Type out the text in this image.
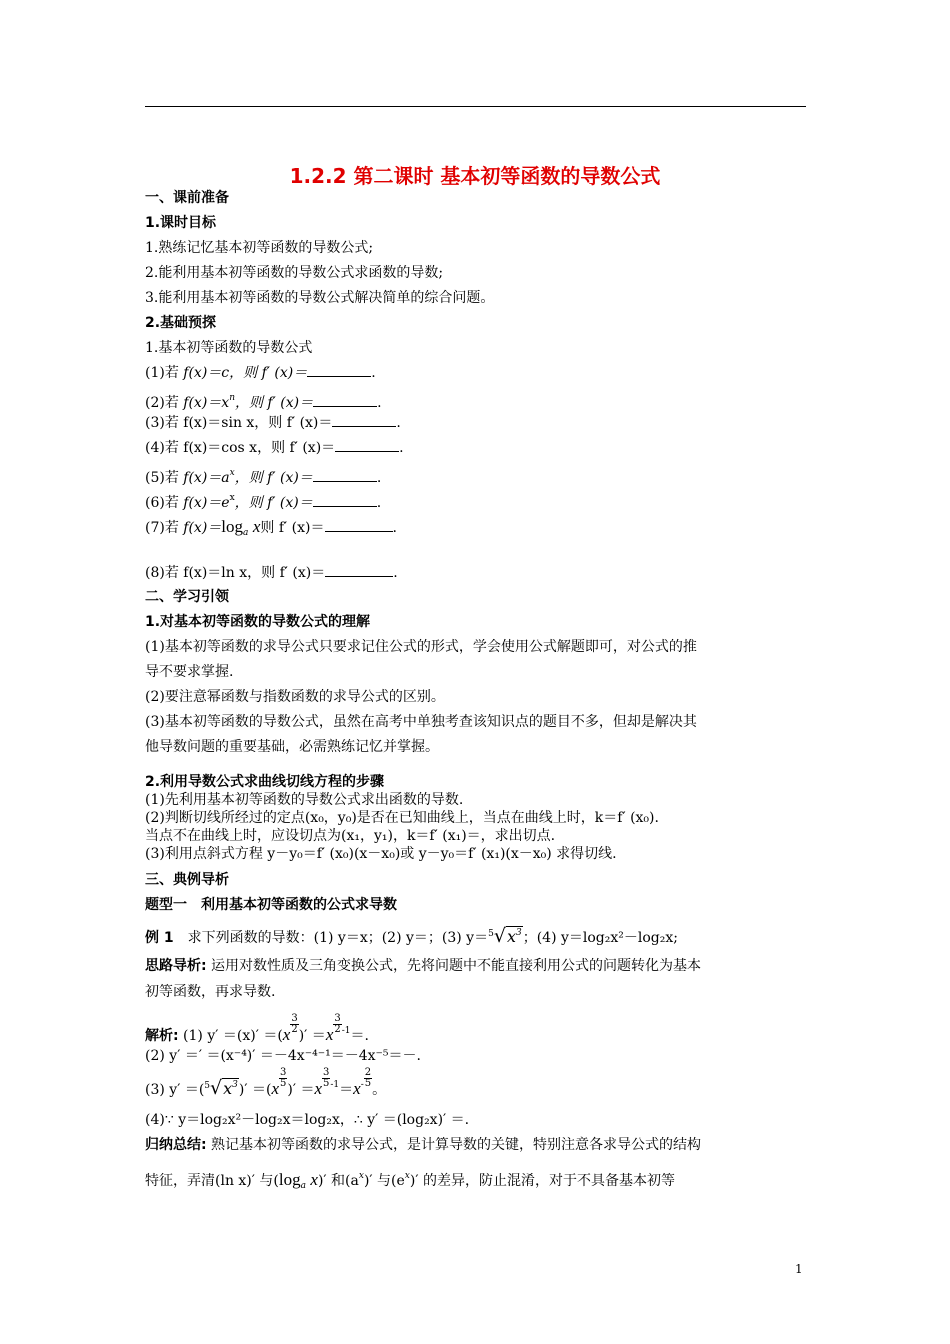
1.2.2 第二课时 基本初等函数的导数公式
一、课前准备
1.课时目标
1.熟练记忆基本初等函数的导数公式;
2.能利用基本初等函数的导数公式求函数的导数;
3.能利用基本初等函数的导数公式解决简单的综合问题。
2.基础预探
1.基本初等函数的导数公式
(1)若 f(x)＝c，则 f′ (x)＝	.
(2)若 $f(x)=x^n$，则 f′ (x)＝	.
(3)若 f(x)＝sin x，则 f′ (x)＝	.
(4)若 f(x)＝cos x，则 f′ (x)＝	.
(5)若 $f(x)=a^x$，则 f′ (x)＝	.
(6)若 $f(x)=e^x$，则 f′ (x)＝	.
(7)若 $f(x)=\log_a$ x则 f′ (x)＝	.
(8)若 f(x)＝ln x，则 f′ (x)＝	.
二、学习引领
1.对基本初等函数的导数公式的理解
(1)基本初等函数的求导公式只要求记住公式的形式，学会使用公式解题即可，对公式的推
导不要求掌握.
(2)要注意幂函数与指数函数的求导公式的区别。
(3)基本初等函数的导数公式，虽然在高考中单独考查该知识点的题目不多，但却是解决其
他导数问题的重要基础，必需熟练记忆并掌握。
2.利用导数公式求曲线切线方程的步骤
(1)先利用基本初等函数的导数公式求出函数的导数.
(2)判断切线所经过的定点(x₀，y₀)是否在已知曲线上，当点在曲线上时，k＝f′ (x₀).
当点不在曲线上时，应设切点为(x₁，y₁)，k＝f′ (x₁)＝，求出切点.
(3)利用点斜式方程 y－y₀＝f′ (x₀)(x－x₀)或 y－y₀＝f′ (x₁)(x－x₀) 求得切线.
三、典例导析
题型一　利用基本初等函数的公式求导数
例 1　求下列函数的导数：(1) y＝x；(2) y＝；(3) $y=^5√x^3$；(4) y＝log₂x²－log₂x;
思路导析: 运用对数性质及三角变换公式，先将问题中不能直接利用公式的问题转化为基本
初等函数，再求导数.
解析: (1) $y' =(x)' =(x \frac{3}{2}$
)′ $=x \frac{3}{2} ^{-1}=$.
(2) y′ ＝′ ＝(x⁻⁴)′ ＝－4x⁻⁴⁻¹＝－4x⁻⁵＝－.
(3) $y' =(^5√x^3)' =(x \frac{3}{5}$
)′ $=x \frac{3}{5} ^{-1}=x^- \frac{2}{5}$
。
(4)∵ y＝log₂x²－log₂x＝log₂x，∴ y′ ＝(log₂x)′ ＝.
归纳总结: 熟记基本初等函数的求导公式，是计算导数的关键，特别注意各求导公式的结构
特征，弄清(ln x)′ 与($\log_a$ x)′ 和$(a^x)'$ 与$(e^x)'$ 的差异，防止混淆，对于不具备基本初等
1
